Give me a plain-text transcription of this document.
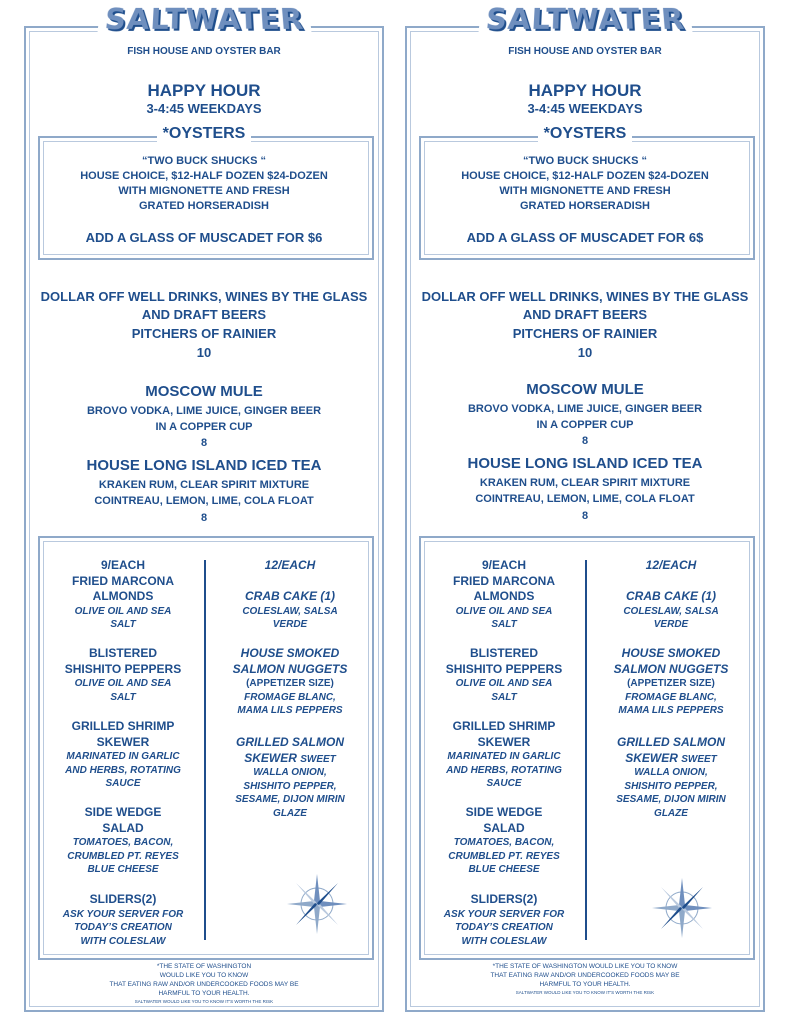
SALTWATER
FISH HOUSE AND OYSTER BAR
HAPPY HOUR
3-4:45 WEEKDAYS
*OYSTERS
“TWO BUCK SHUCKS “
HOUSE CHOICE, $12-HALF DOZEN $24-DOZEN
WITH MIGNONETTE AND FRESH
GRATED HORSERADISH
ADD A GLASS OF MUSCADET FOR $6
DOLLAR OFF WELL DRINKS, WINES BY THE GLASS
AND DRAFT BEERS
PITCHERS OF RAINIER
10
MOSCOW MULE
BROVO VODKA, LIME JUICE, GINGER BEER
IN A COPPER CUP
8
HOUSE LONG ISLAND ICED TEA
KRAKEN RUM, CLEAR SPIRIT MIXTURE
COINTREAU, LEMON, LIME, COLA FLOAT
8
9/EACH
FRIED MARCONA
ALMONDS
OLIVE OIL AND SEA
SALT
BLISTERED
SHISHITO PEPPERS
OLIVE OIL AND SEA
SALT
GRILLED SHRIMP
SKEWER
MARINATED IN GARLIC
AND HERBS, ROTATING
SAUCE
SIDE WEDGE
SALAD
TOMATOES, BACON,
CRUMBLED PT. REYES
BLUE CHEESE
SLIDERS(2)
ASK YOUR SERVER FOR
TODAY’S CREATION
WITH COLESLAW
12/EACH
CRAB CAKE (1)
COLESLAW, SALSA
VERDE
HOUSE SMOKED
SALMON NUGGETS
(APPETIZER SIZE)
FROMAGE BLANC,
MAMA LILS PEPPERS
GRILLED SALMON
SKEWER SWEET
WALLA ONION,
SHISHITO PEPPER,
SESAME, DIJON MIRIN
GLAZE
*THE STATE OF WASHINGTON
WOULD LIKE YOU TO KNOW
THAT EATING RAW AND/OR UNDERCOOKED FOODS MAY BE
HARMFUL TO YOUR HEALTH.
SALTWATER WOULD LIKE YOU TO KNOW IT'S WORTH THE RISK
SALTWATER
FISH HOUSE AND OYSTER BAR
HAPPY HOUR
3-4:45 WEEKDAYS
*OYSTERS
“TWO BUCK SHUCKS “
HOUSE CHOICE, $12-HALF DOZEN $24-DOZEN
WITH MIGNONETTE AND FRESH
GRATED HORSERADISH
ADD A GLASS OF MUSCADET FOR 6$
DOLLAR OFF WELL DRINKS, WINES BY THE GLASS
AND DRAFT BEERS
PITCHERS OF RAINIER
10
MOSCOW MULE
BROVO VODKA, LIME JUICE, GINGER BEER
IN A COPPER CUP
8
HOUSE LONG ISLAND ICED TEA
KRAKEN RUM, CLEAR SPIRIT MIXTURE
COINTREAU, LEMON, LIME, COLA FLOAT
8
9/EACH
FRIED MARCONA
ALMONDS
OLIVE OIL AND SEA
SALT
BLISTERED
SHISHITO PEPPERS
OLIVE OIL AND SEA
SALT
GRILLED SHRIMP
SKEWER
MARINATED IN GARLIC
AND HERBS, ROTATING
SAUCE
SIDE WEDGE
SALAD
TOMATOES, BACON,
CRUMBLED PT. REYES
BLUE CHEESE
SLIDERS(2)
ASK YOUR SERVER FOR
TODAY’S CREATION
WITH COLESLAW
12/EACH
CRAB CAKE (1)
COLESLAW, SALSA
VERDE
HOUSE SMOKED
SALMON NUGGETS
(APPETIZER SIZE)
FROMAGE BLANC,
MAMA LILS PEPPERS
GRILLED SALMON
SKEWER SWEET
WALLA ONION,
SHISHITO PEPPER,
SESAME, DIJON MIRIN
GLAZE
*THE STATE OF WASHINGTON WOULD LIKE YOU TO KNOW
THAT EATING RAW AND/OR UNDERCOOKED FOODS MAY BE
HARMFUL TO YOUR HEALTH.
SALTWATER WOULD LIKE YOU TO KNOW IT'S WORTH THE RISK
